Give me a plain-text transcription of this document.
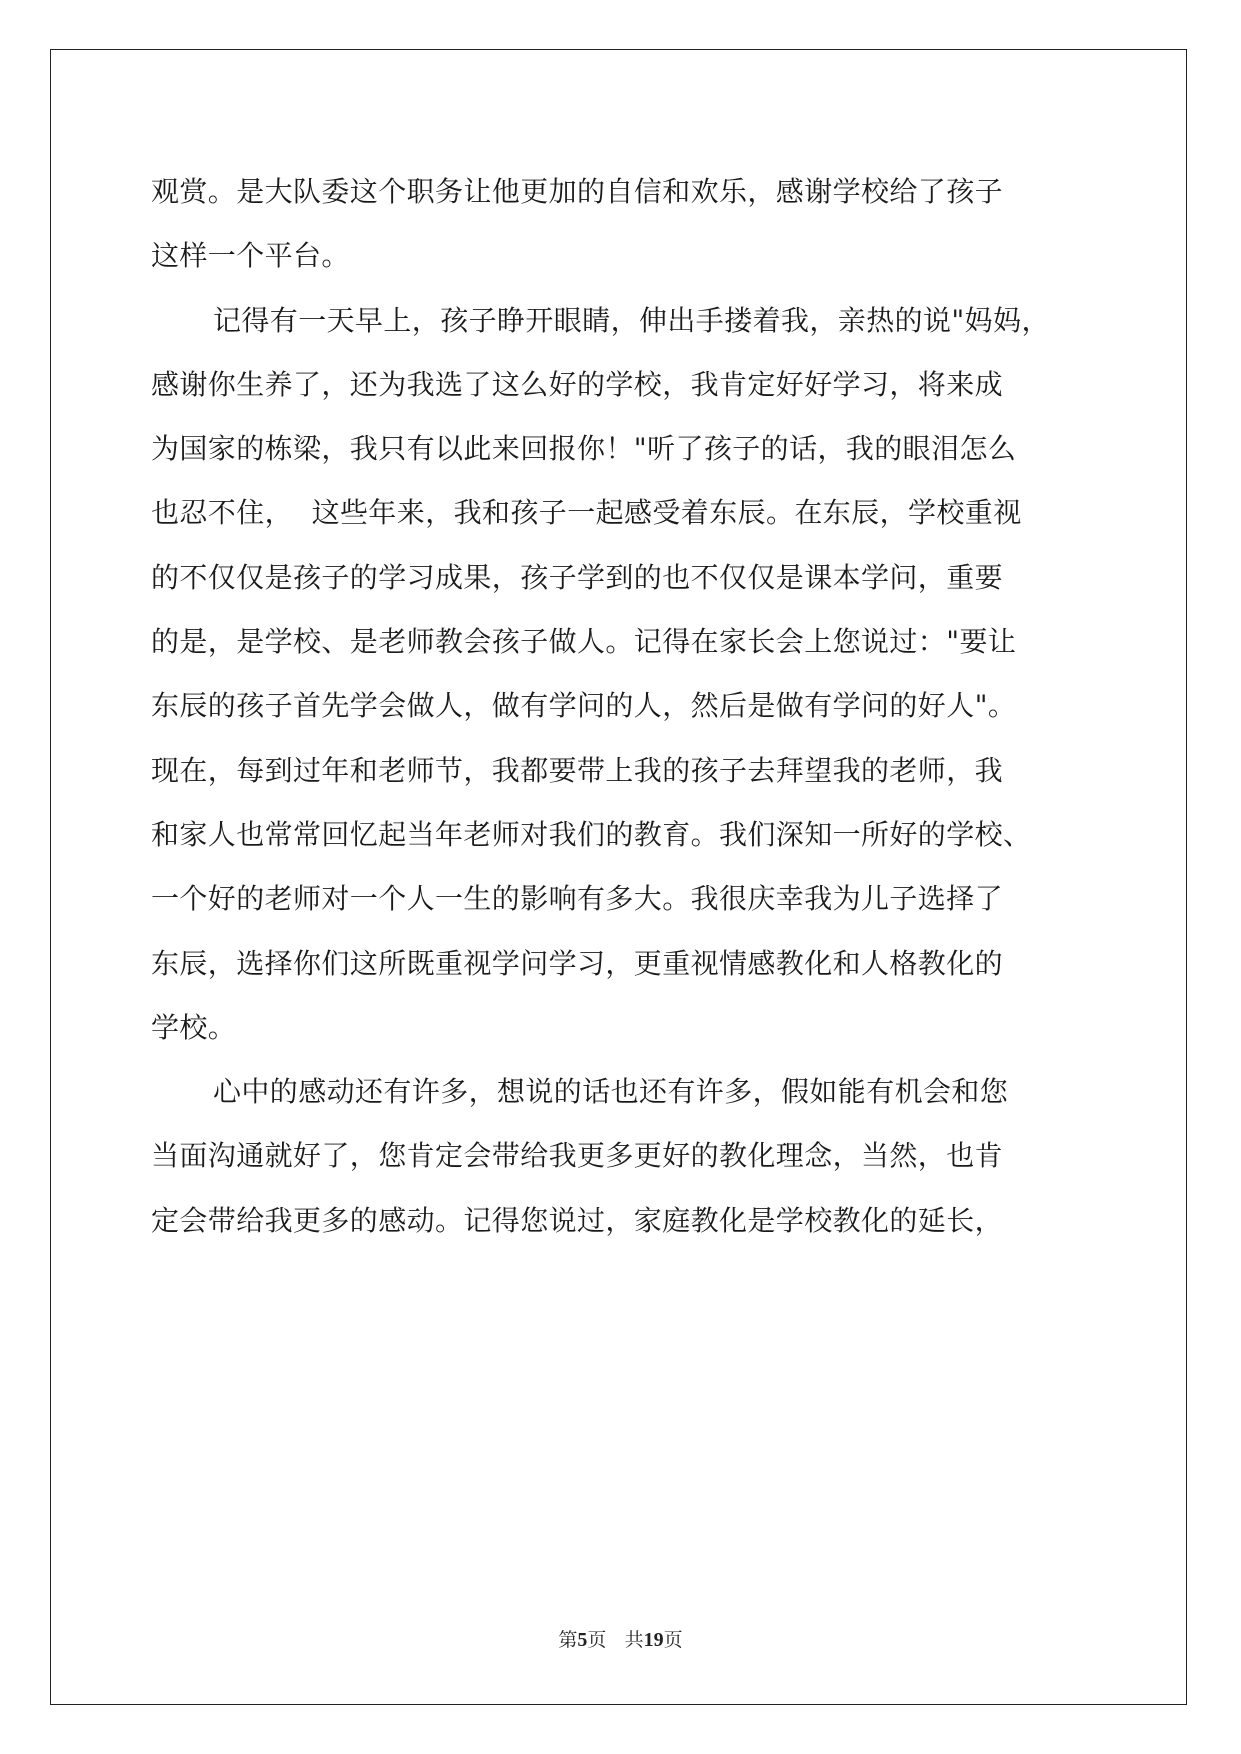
观赏。是大队委这个职务让他更加的自信和欢乐，感谢学校给了孩子
这样一个平台。
记得有一天早上，孩子睁开眼睛，伸出手搂着我，亲热的说"妈妈，
感谢你生养了，还为我选了这么好的学校，我肯定好好学习，将来成
为国家的栋梁，我只有以此来回报你！"听了孩子的话，我的眼泪怎么
也忍不住，  这些年来，我和孩子一起感受着东辰。在东辰，学校重视
的不仅仅是孩子的学习成果，孩子学到的也不仅仅是课本学问，重要
的是，是学校、是老师教会孩子做人。记得在家长会上您说过："要让
东辰的孩子首先学会做人，做有学问的人，然后是做有学问的好人"。
现在，每到过年和老师节，我都要带上我的孩子去拜望我的老师，我
和家人也常常回忆起当年老师对我们的教育。我们深知一所好的学校、
一个好的老师对一个人一生的影响有多大。我很庆幸我为儿子选择了
东辰，选择你们这所既重视学问学习，更重视情感教化和人格教化的
学校。
心中的感动还有许多，想说的话也还有许多，假如能有机会和您
当面沟通就好了，您肯定会带给我更多更好的教化理念，当然，也肯
定会带给我更多的感动。记得您说过，家庭教化是学校教化的延长，
第5页 共19页
